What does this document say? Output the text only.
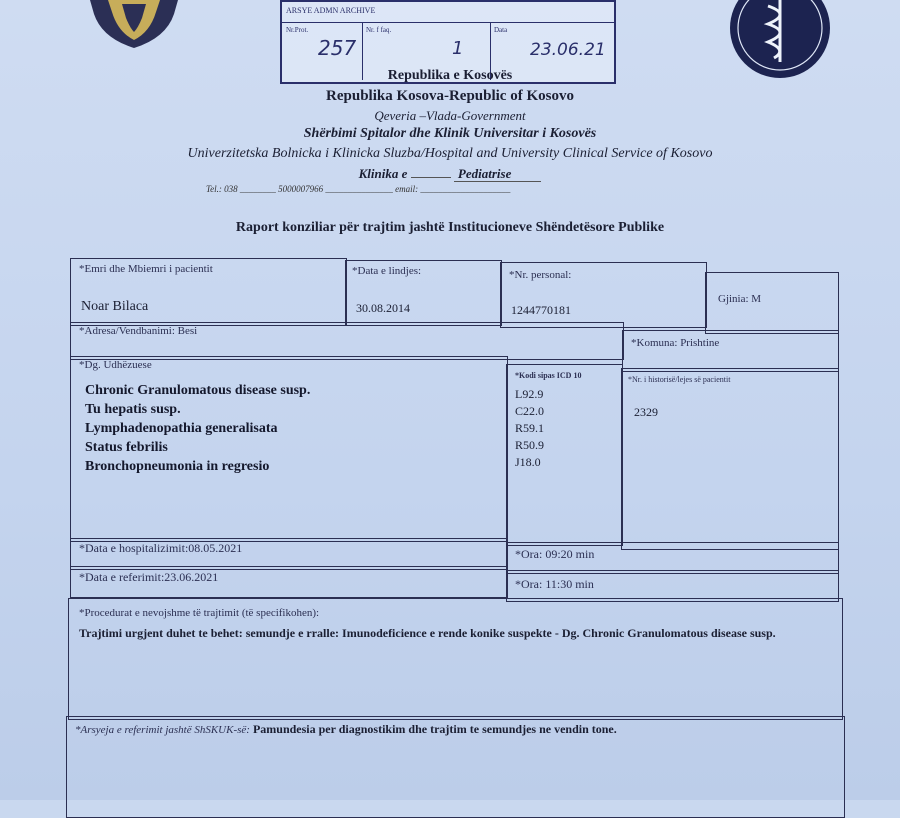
ARSYE ADMN ARCHIVE
Nr.Prot.
257
Nr. f faq.
1
Data
23.06.21
Republika e Kosovës
Republika Kosova-Republic of Kosovo
Qeveria –Vlada-Government
Shërbimi Spitalor dhe Klinik Universitar i Kosovës
Univerzitetska Bolnicka i Klinicka Sluzba/Hospital and University Clinical Service of Kosovo
Klinika e	Pediatrise
Tel.: 038 ________ 5000007966 _______________ email: ____________________
Raport konziliar për trajtim jashtë Institucioneve Shëndetësore Publike
*Emri dhe Mbiemri i pacientit
Noar Bilaca
*Data e lindjes:
30.08.2014
*Nr. personal:
1244770181
Gjinia: M
*Adresa/Vendbanimi: Besi
*Komuna: Prishtine
*Dg. Udhëzuese
Chronic Granulomatous disease susp.
Tu hepatis susp.
Lymphadenopathia generalisata
Status febrilis
Bronchopneumonia in regresio
*Kodi sipas ICD 10
L92.9
C22.0
R59.1
R50.9
J18.0
*Nr. i historisë/lejes së pacientit
2329
*Data e hospitalizimit:08.05.2021	*Ora: 09:20 min
*Data e referimit:23.06.2021	*Ora: 11:30 min
*Procedurat e nevojshme të trajtimit (të specifikohen):
Trajtimi urgjent duhet te behet: semundje e rralle: Imunodeficience e rende konike suspekte - Dg. Chronic Granulomatous disease susp.
*Arsyeja e referimit jashtë ShSKUK-së: Pamundesia per diagnostikim dhe trajtim te semundjes ne vendin tone.
